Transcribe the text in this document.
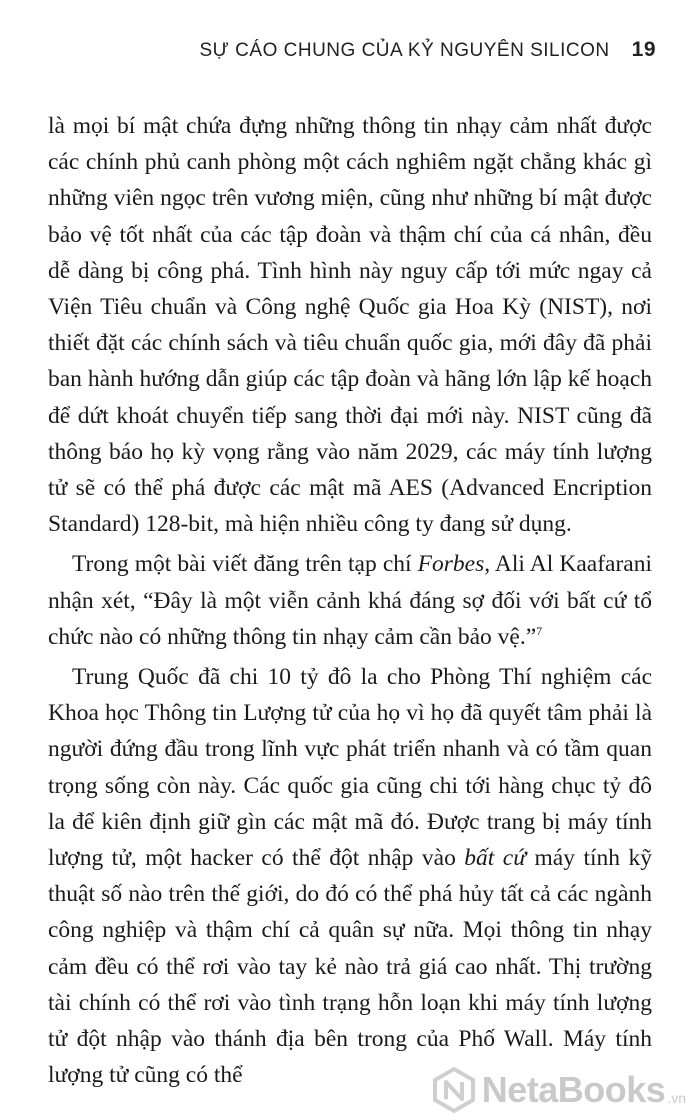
SỰ CÁO CHUNG CỦA KỶ NGUYÊN SILICON 19

là mọi bí mật chứa đựng những thông tin nhạy cảm nhất được các chính phủ canh phòng một cách nghiêm ngặt chẳng khác gì những viên ngọc trên vương miện, cũng như những bí mật được bảo vệ tốt nhất của các tập đoàn và thậm chí của cá nhân, đều dễ dàng bị công phá. Tình hình này nguy cấp tới mức ngay cả Viện Tiêu chuẩn và Công nghệ Quốc gia Hoa Kỳ (NIST), nơi thiết đặt các chính sách và tiêu chuẩn quốc gia, mới đây đã phải ban hành hướng dẫn giúp các tập đoàn và hãng lớn lập kế hoạch để dứt khoát chuyển tiếp sang thời đại mới này. NIST cũng đã thông báo họ kỳ vọng rằng vào năm 2029, các máy tính lượng tử sẽ có thể phá được các mật mã AES (Advanced Encription Standard) 128-bit, mà hiện nhiều công ty đang sử dụng.

Trong một bài viết đăng trên tạp chí Forbes, Ali Al Kaafarani nhận xét, “Đây là một viễn cảnh khá đáng sợ đối với bất cứ tổ chức nào có những thông tin nhạy cảm cần bảo vệ.”$^7$

Trung Quốc đã chi 10 tỷ đô la cho Phòng Thí nghiệm các Khoa học Thông tin Lượng tử của họ vì họ đã quyết tâm phải là người đứng đầu trong lĩnh vực phát triển nhanh và có tầm quan trọng sống còn này. Các quốc gia cũng chi tới hàng chục tỷ đô la để kiên định giữ gìn các mật mã đó. Được trang bị máy tính lượng tử, một hacker có thể đột nhập vào bất cứ máy tính kỹ thuật số nào trên thế giới, do đó có thể phá hủy tất cả các ngành công nghiệp và thậm chí cả quân sự nữa. Mọi thông tin nhạy cảm đều có thể rơi vào tay kẻ nào trả giá cao nhất. Thị trường tài chính có thể rơi vào tình trạng hỗn loạn khi máy tính lượng tử đột nhập vào thánh địa bên trong của Phố Wall. Máy tính lượng tử cũng có thể	NetaBooks .vn
